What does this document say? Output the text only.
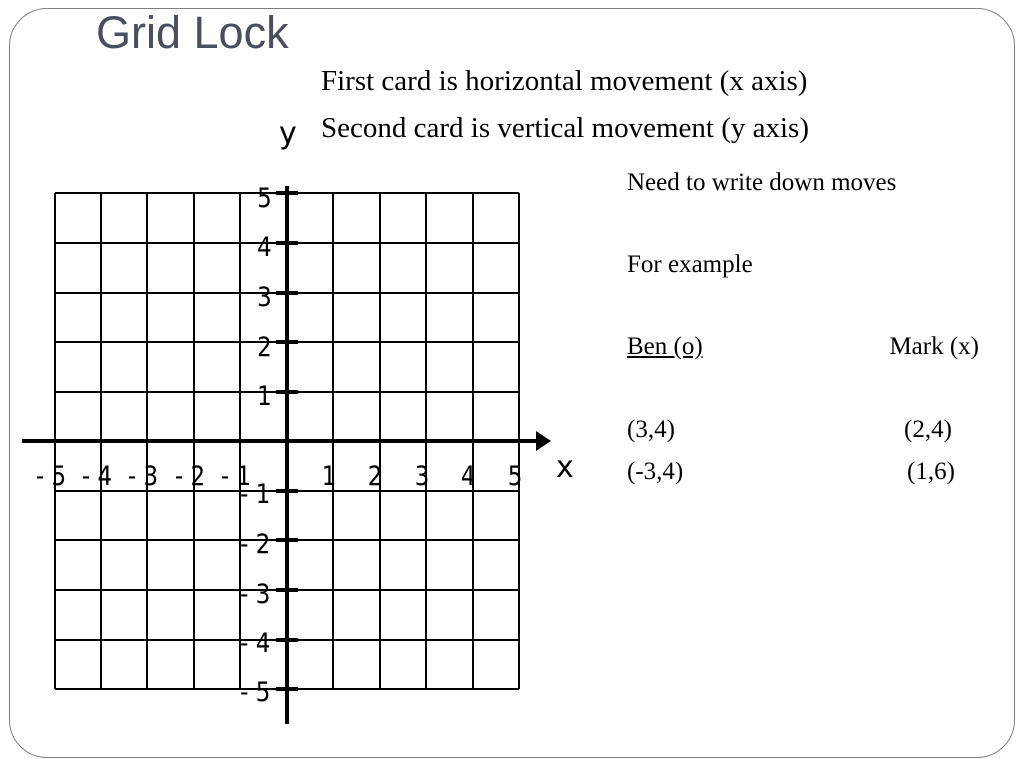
Grid Lock
First card is horizontal movement (x axis)
Second card is vertical movement (y axis)
Need to write down moves
For example
Ben (o)	Mark (x)
(3,4)	(2,4)
(-3,4)	(1,6)
- 5 - 4 - 3 - 2 - 1	1 2 3 4 5
5
4
3
2
1
- 1
- 2
- 3
- 4
- 5
x
y
